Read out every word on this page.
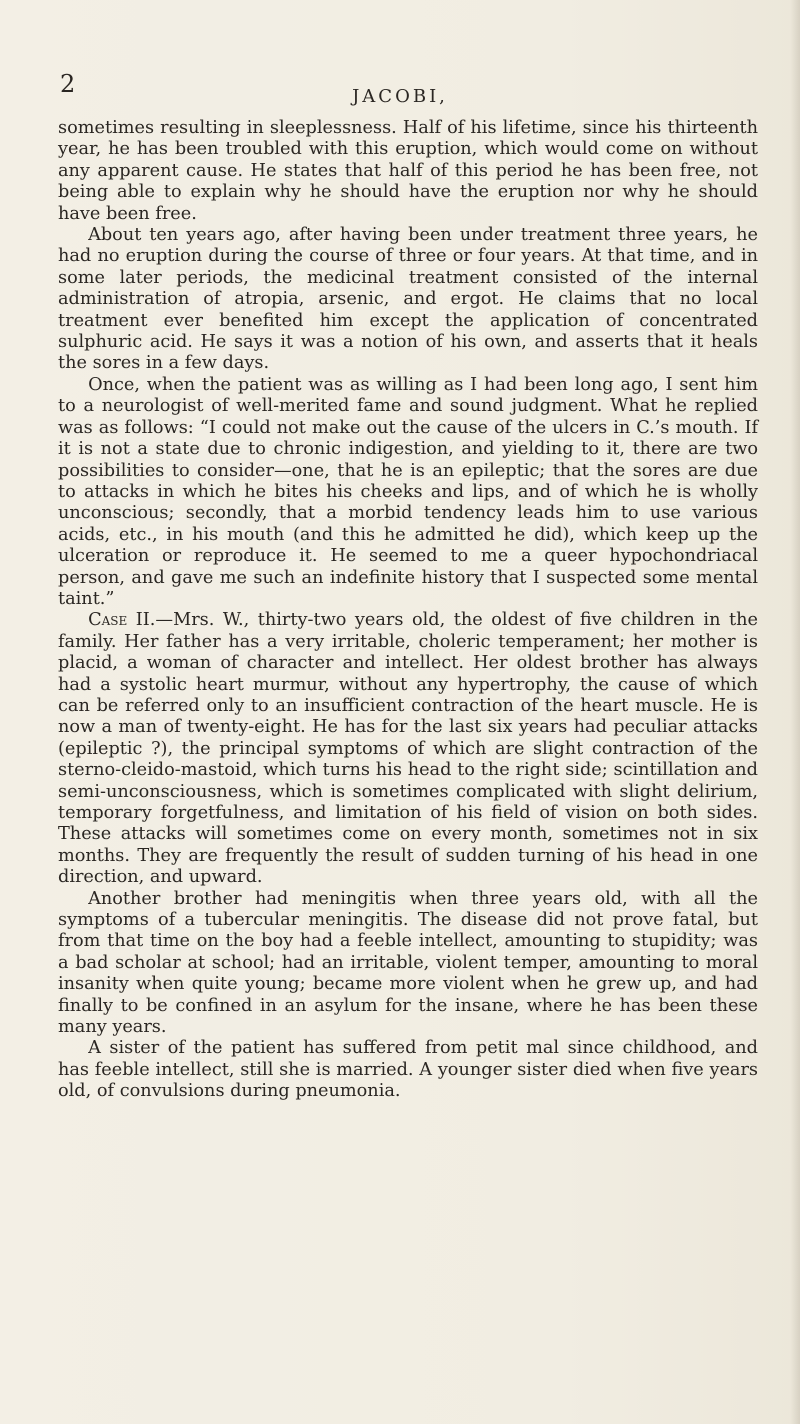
2	JACOBI,

sometimes resulting in sleeplessness. Half of his lifetime, since his thirteenth year, he has been troubled with this eruption, which would come on without any apparent cause. He states that half of this period he has been free, not being able to explain why he should have the eruption nor why he should have been free.

About ten years ago, after having been under treatment three years, he had no eruption during the course of three or four years. At that time, and in some later periods, the medicinal treatment consisted of the internal administration of atropia, arsenic, and ergot. He claims that no local treatment ever benefited him except the application of concentrated sulphuric acid. He says it was a notion of his own, and asserts that it heals the sores in a few days.

Once, when the patient was as willing as I had been long ago, I sent him to a neurologist of well-merited fame and sound judgment. What he replied was as follows: “I could not make out the cause of the ulcers in C.’s mouth. If it is not a state due to chronic indigestion, and yielding to it, there are two possibilities to consider—one, that he is an epileptic; that the sores are due to attacks in which he bites his cheeks and lips, and of which he is wholly unconscious; secondly, that a morbid tendency leads him to use various acids, etc., in his mouth (and this he admitted he did), which keep up the ulceration or reproduce it. He seemed to me a queer hypochondriacal person, and gave me such an indefinite history that I suspected some mental taint.”

Case II.—Mrs. W., thirty-two years old, the oldest of five children in the family. Her father has a very irritable, choleric temperament; her mother is placid, a woman of character and intellect. Her oldest brother has always had a systolic heart murmur, without any hypertrophy, the cause of which can be referred only to an insufficient contraction of the heart muscle. He is now a man of twenty-eight. He has for the last six years had peculiar attacks (epileptic ?), the principal symptoms of which are slight contraction of the sterno-cleido-mastoid, which turns his head to the right side; scintillation and semi-unconsciousness, which is sometimes complicated with slight delirium, temporary forgetfulness, and limitation of his field of vision on both sides. These attacks will sometimes come on every month, sometimes not in six months. They are frequently the result of sudden turning of his head in one direction, and upward.

Another brother had meningitis when three years old, with all the symptoms of a tubercular meningitis. The disease did not prove fatal, but from that time on the boy had a feeble intellect, amounting to stupidity; was a bad scholar at school; had an irritable, violent temper, amounting to moral insanity when quite young; became more violent when he grew up, and had finally to be confined in an asylum for the insane, where he has been these many years.

A sister of the patient has suffered from petit mal since childhood, and has feeble intellect, still she is married. A younger sister died when five years old, of convulsions during pneumonia.
